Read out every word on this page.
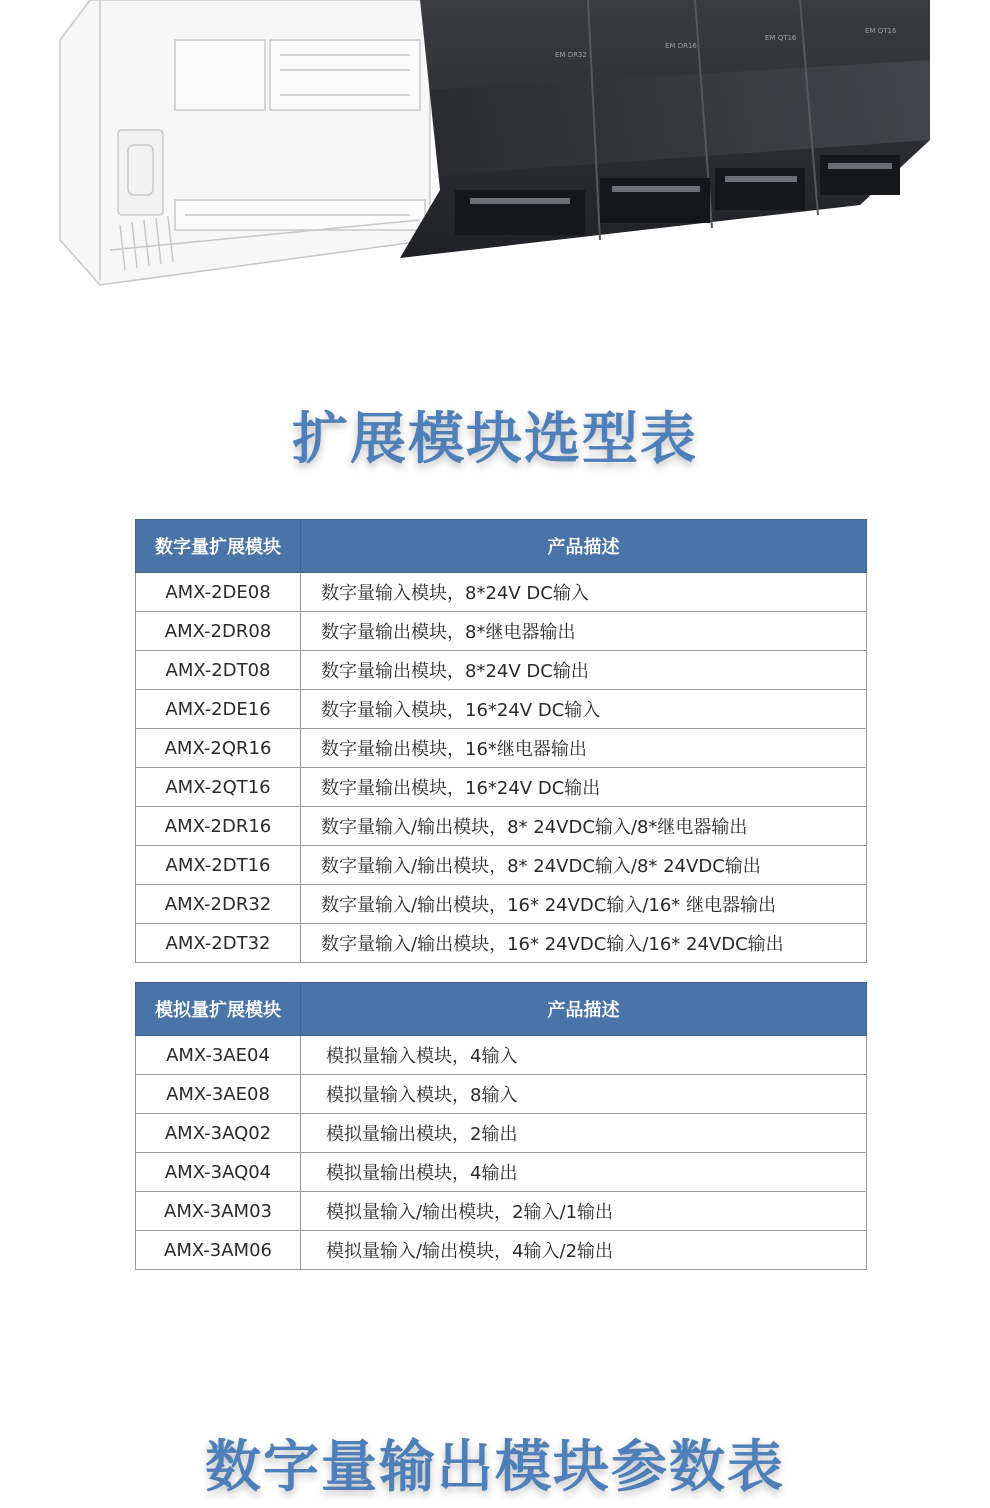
EM DR32
EM DR16
EM QT16
EM QT16
扩展模块选型表
数字量扩展模块	产品描述
AMX-2DE08	数字量输入模块，8*24V DC输入
AMX-2DR08	数字量输出模块，8*继电器输出
AMX-2DT08	数字量输出模块，8*24V DC输出
AMX-2DE16	数字量输入模块，16*24V DC输入
AMX-2QR16	数字量输出模块，16*继电器输出
AMX-2QT16	数字量输出模块，16*24V DC输出
AMX-2DR16	数字量输入/输出模块，8* 24VDC输入/8*继电器输出
AMX-2DT16	数字量输入/输出模块，8* 24VDC输入/8* 24VDC输出
AMX-2DR32	数字量输入/输出模块，16* 24VDC输入/16* 继电器输出
AMX-2DT32	数字量输入/输出模块，16* 24VDC输入/16* 24VDC输出
模拟量扩展模块	产品描述
AMX-3AE04	模拟量输入模块，4输入
AMX-3AE08	模拟量输入模块，8输入
AMX-3AQ02	模拟量输出模块，2输出
AMX-3AQ04	模拟量输出模块，4输出
AMX-3AM03	模拟量输入/输出模块，2输入/1输出
AMX-3AM06	模拟量输入/输出模块，4输入/2输出
数字量输出模块参数表
